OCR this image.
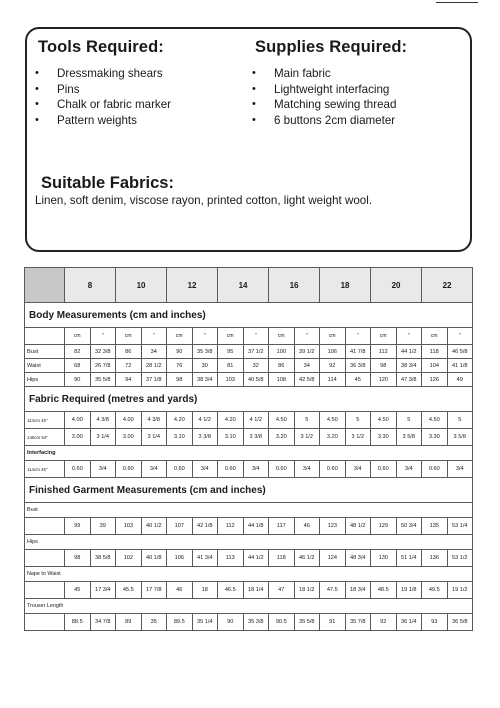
Tools Required:
• Dressmaking shears
• Pins
• Chalk or fabric marker
• Pattern weights
Supplies Required:
• Main fabric
• Lightweight interfacing
• Matching sewing thread
• 6 buttons 2cm diameter
Suitable Fabrics:
Linen, soft denim, viscose rayon, printed cotton, light weight wool.
	8		10		12		14		16		18		20		22	
Body Measurements (cm and inches)																
	cm	"	cm	"	cm	"	cm	"	cm	"	cm	"	cm	"	cm	"
Bust	82	32 3/8	86	34	90	35 3/8	95	37 1/2	100	39 1/2	106	41 7/8	112	44 1/2	118	46 5/8
Waist	68	26 7/8	72	28 1/2	76	30	81	32	86	34	92	36 3/8	98	38 3/4	104	41 1/8
Hips	90	35 5/8	94	37 1/8	98	38 3/4	103	40 5/8	108	42 5/8	114	45	120	47 3/8	126	49
Fabric Required (metres and yards)																
114cm 45"	4.00	4 3/8	4.00	4 3/8	4.20	4 1/2	4.20	4 1/2	4.50	5	4.50	5	4.50	5	4.50	5
140cm 54"	3.00	3 1/4	3.00	3 1/4	3.10	3 3/8	3.10	3 3/8	3.20	3 1/2	3.20	3 1/2	3.30	3 5/8	3.30	3 5/8
Interfacing																
114cm 45"	0.60	3/4	0.60	3/4	0.60	3/4	0.60	3/4	0.60	3/4	0.60	3/4	0.60	3/4	0.60	3/4
Finished Garment Measurements (cm and inches)																
Bust																
	99	39	103	40 1/2	107	42 1/8	112	44 1/8	117	46	123	48 1/2	129	50 3/4	135	53 1/4
Hips																
	98	38 5/8	102	40 1/8	106	41 3/4	113	44 1/2	118	46 1/2	124	48 3/4	130	51 1/4	136	53 1/2
Nape to Waist																
	45	17 3/4	45.5	17 7/8	46	18	46.5	18 1/4	47	18 1/2	47.5	18 3/4	48.5	19 1/8	49.5	19 1/2
Trouser Length																
	88.5	34 7/8	89	35	89.5	35 1/4	90	35 3/8	90.5	35 5/8	91	35 7/8	92	36 1/4	93	36 5/8
